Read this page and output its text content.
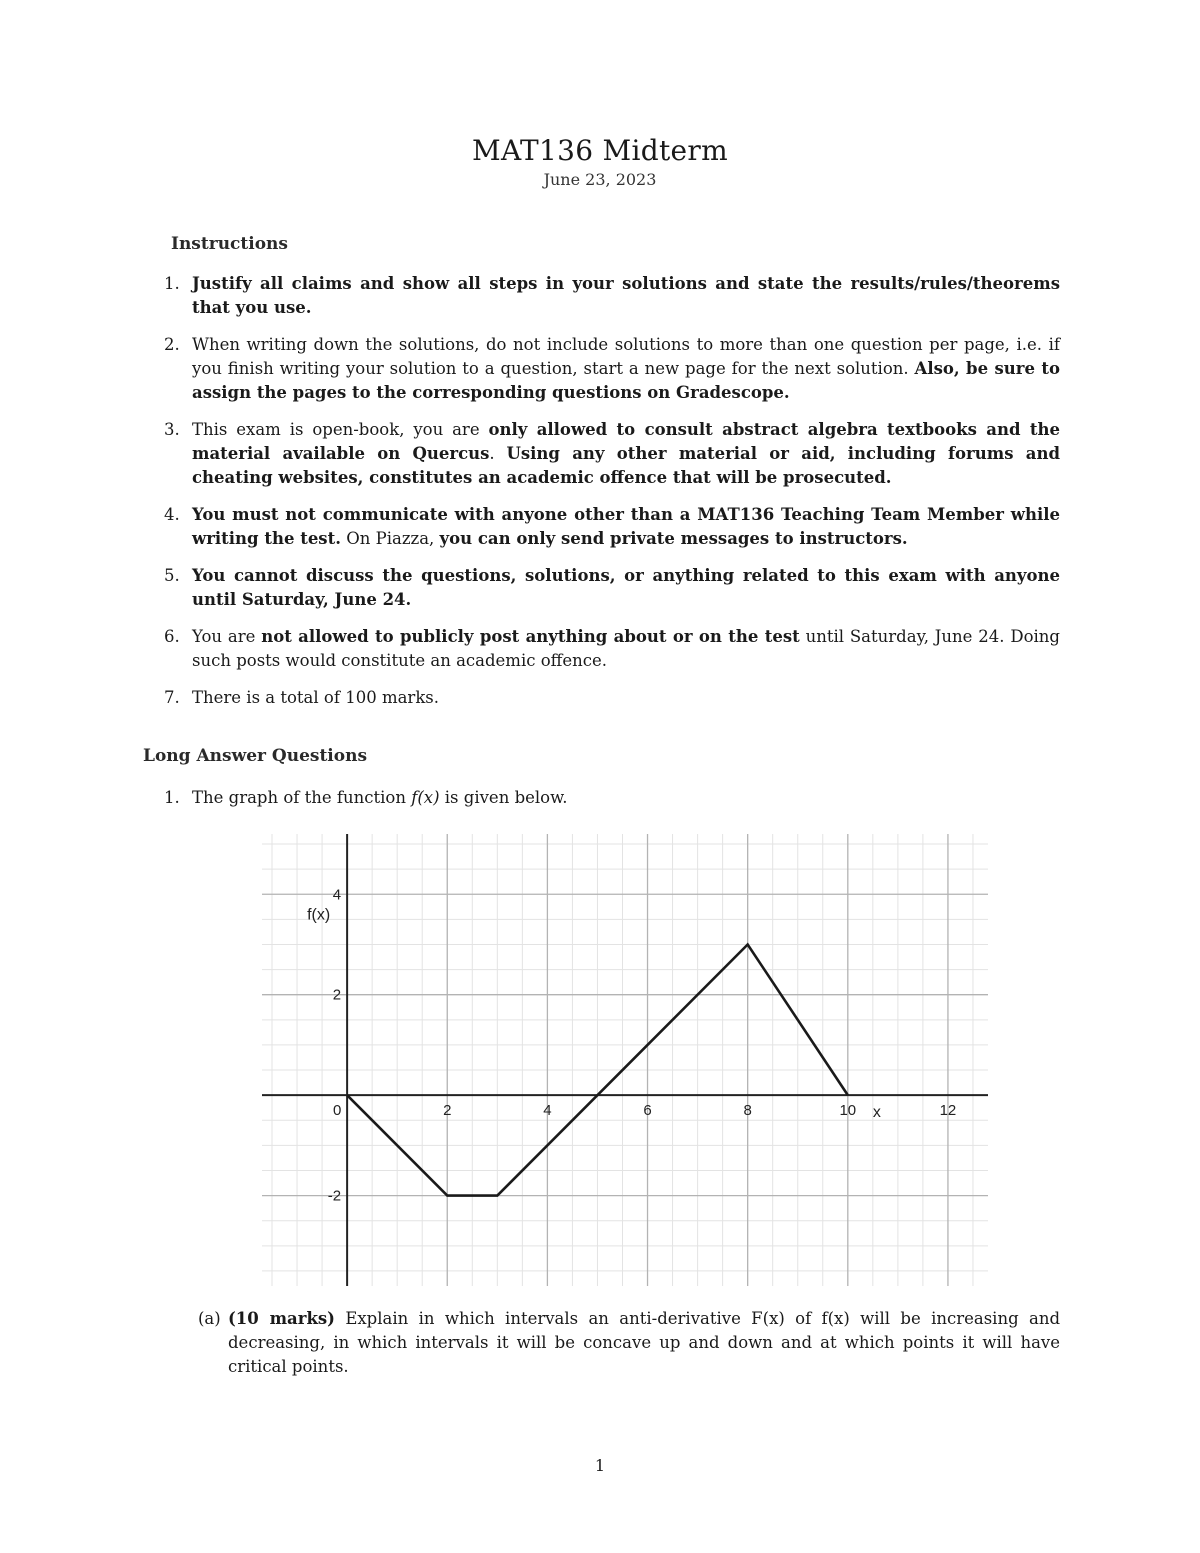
MAT136 Midterm
June 23, 2023
Instructions
1. Justify all claims and show all steps in your solutions and state the results/rules/theorems that you use.
2. When writing down the solutions, do not include solutions to more than one question per page, i.e. if you finish writing your solution to a question, start a new page for the next solution. Also, be sure to assign the pages to the corresponding questions on Gradescope.
3. This exam is open-book, you are only allowed to consult abstract algebra textbooks and the material available on Quercus. Using any other material or aid, including forums and cheating websites, constitutes an academic offence that will be prosecuted.
4. You must not communicate with anyone other than a MAT136 Teaching Team Member while writing the test. On Piazza, you can only send private messages to instructors.
5. You cannot discuss the questions, solutions, or anything related to this exam with anyone until Saturday, June 24.
6. You are not allowed to publicly post anything about or on the test until Saturday, June 24. Doing such posts would constitute an academic offence.
7. There is a total of 100 marks.
Long Answer Questions
1. The graph of the function f(x) is given below.
0	2	4	6	8	10	12
-2
2
4
f(x)
x
(a) (10 marks) Explain in which intervals an anti-derivative F(x) of f(x) will be increasing and decreasing, in which intervals it will be concave up and down and at which points it will have critical points.
1
